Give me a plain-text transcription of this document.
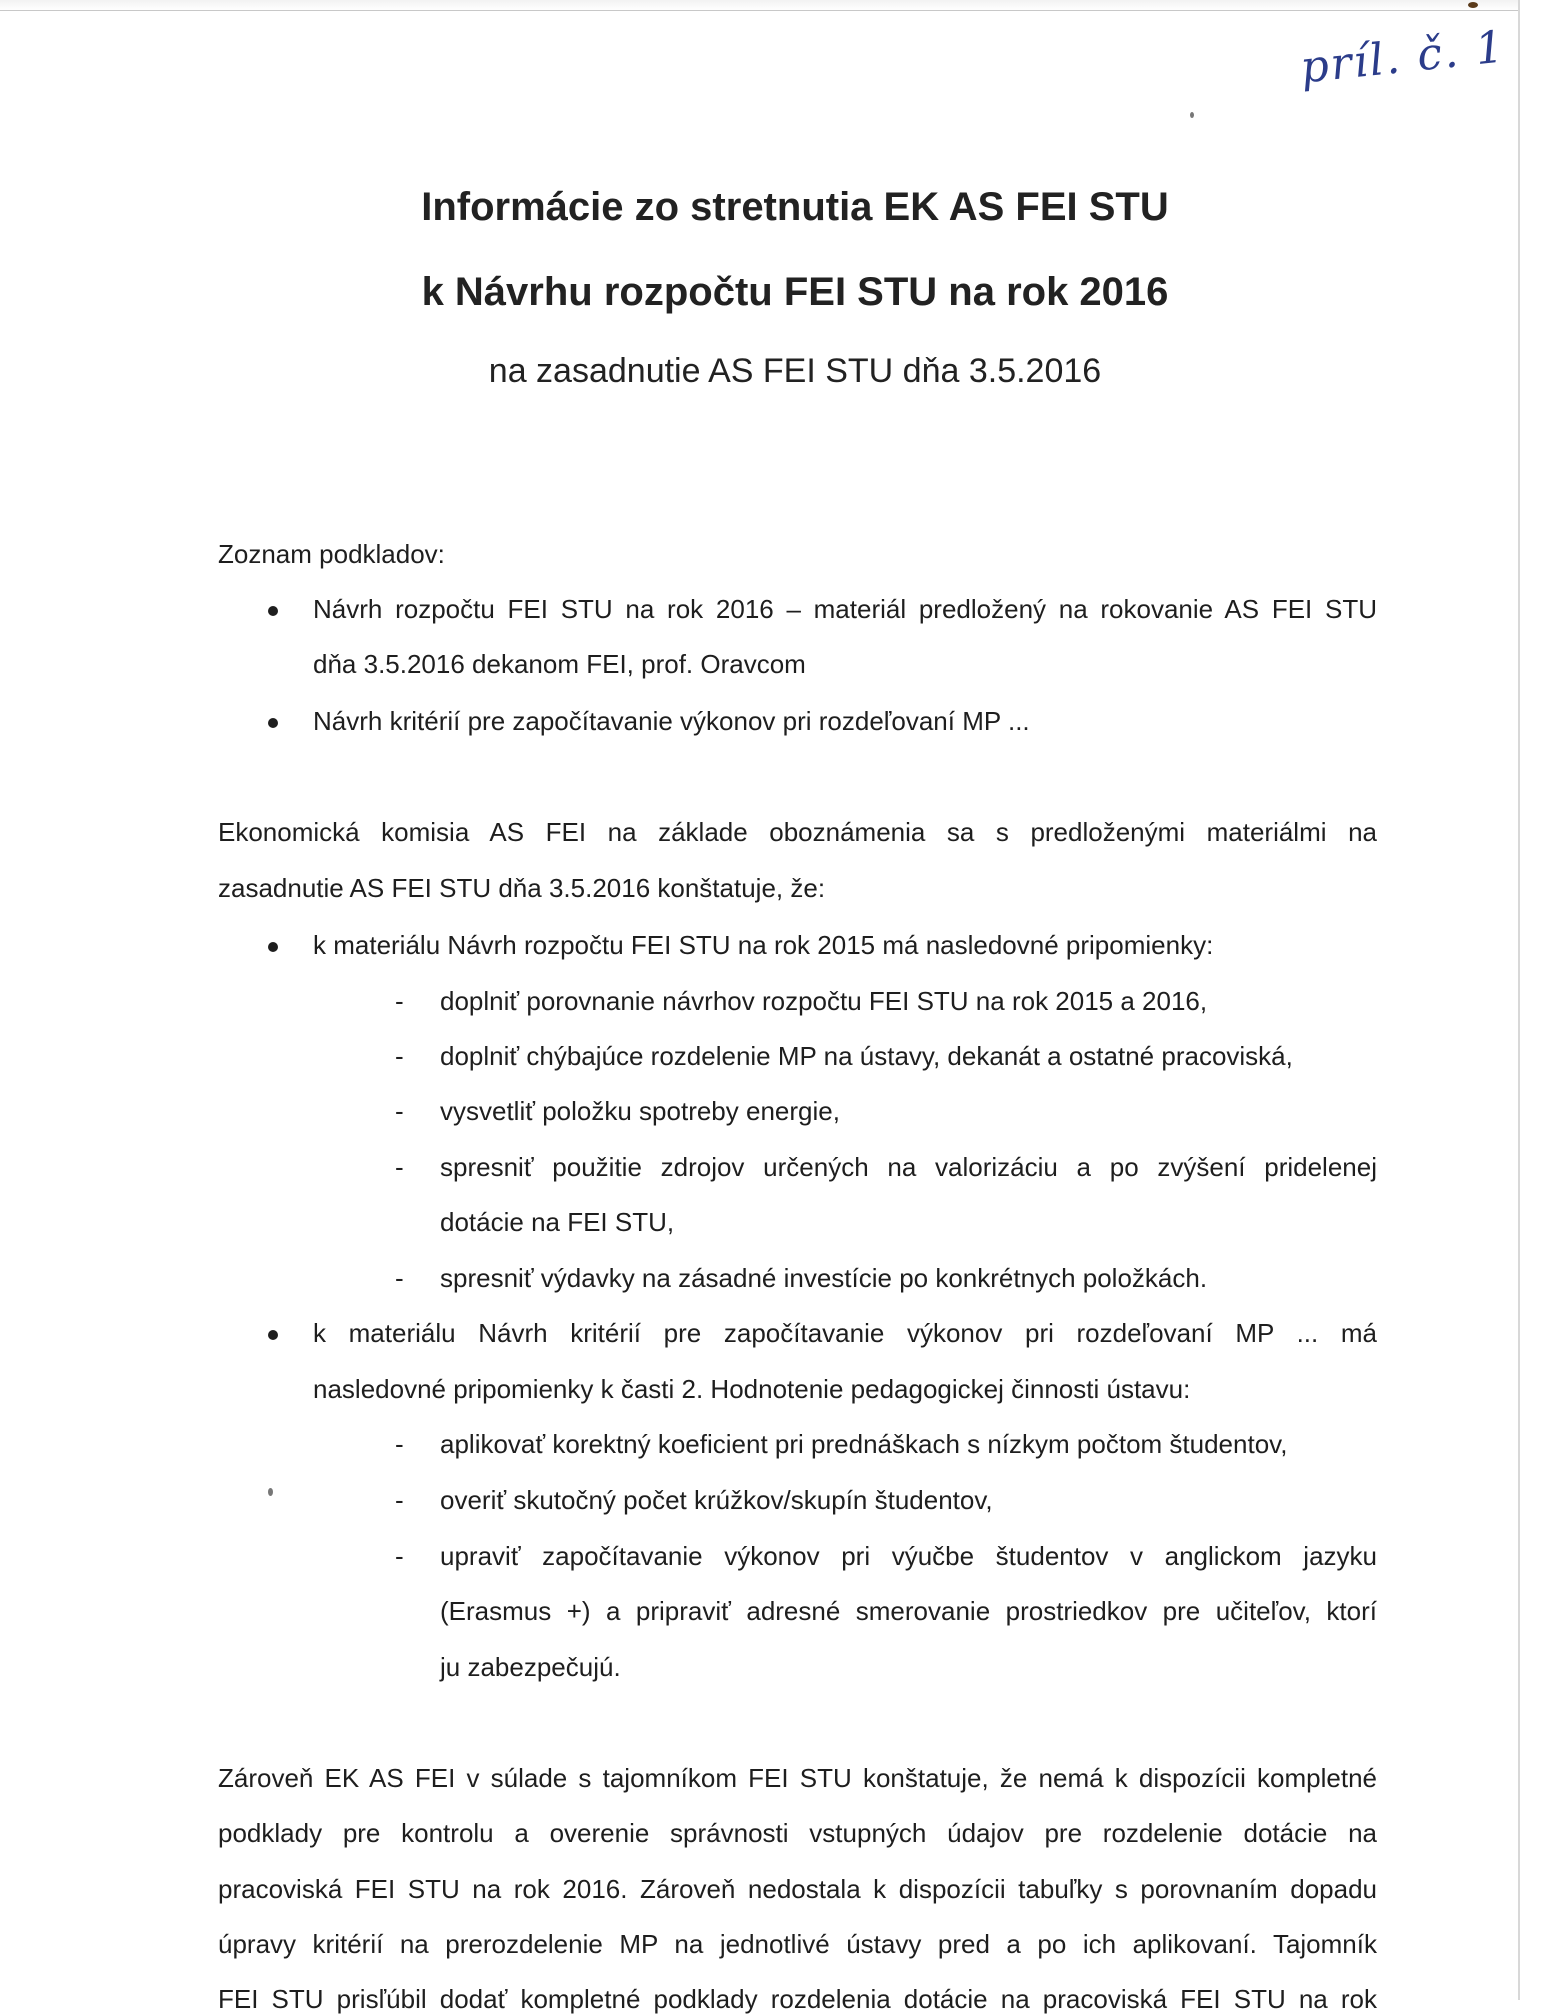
príl. č. 1
Informácie zo stretnutia EK AS FEI STU
k Návrhu rozpočtu FEI STU na rok 2016
na zasadnutie AS FEI STU dňa 3.5.2016
Zoznam podkladov:
Návrh rozpočtu FEI STU na rok 2016 – materiál predložený na rokovanie AS FEI STU
dňa 3.5.2016 dekanom FEI, prof. Oravcom
Návrh kritérií pre započítavanie výkonov pri rozdeľovaní MP ...
Ekonomická komisia AS FEI na základe oboznámenia sa s predloženými materiálmi na
zasadnutie AS FEI STU dňa 3.5.2016 konštatuje, že:
k materiálu Návrh rozpočtu FEI STU na rok 2015 má nasledovné pripomienky:
- doplniť porovnanie návrhov rozpočtu FEI STU na rok 2015 a 2016,
- doplniť chýbajúce rozdelenie MP na ústavy, dekanát a ostatné pracoviská,
- vysvetliť položku spotreby energie,
- spresniť použitie zdrojov určených na valorizáciu a po zvýšení pridelenej
dotácie na FEI STU,
- spresniť výdavky na zásadné investície po konkrétnych položkách.
k materiálu Návrh kritérií pre započítavanie výkonov pri rozdeľovaní MP ... má
nasledovné pripomienky k časti 2. Hodnotenie pedagogickej činnosti ústavu:
- aplikovať korektný koeficient pri prednáškach s nízkym počtom študentov,
- overiť skutočný počet krúžkov/skupín študentov,
- upraviť započítavanie výkonov pri výučbe študentov v anglickom jazyku
(Erasmus +) a pripraviť adresné smerovanie prostriedkov pre učiteľov, ktorí
ju zabezpečujú.
Zároveň EK AS FEI v súlade s tajomníkom FEI STU konštatuje, že nemá k dispozícii kompletné
podklady pre kontrolu a overenie správnosti vstupných údajov pre rozdelenie dotácie na
pracoviská FEI STU na rok 2016. Zároveň nedostala k dispozícii tabuľky s porovnaním dopadu
úpravy kritérií na prerozdelenie MP na jednotlivé ústavy pred a po ich aplikovaní. Tajomník
FEI STU prisľúbil dodať kompletné podklady rozdelenia dotácie na pracoviská FEI STU na rok
